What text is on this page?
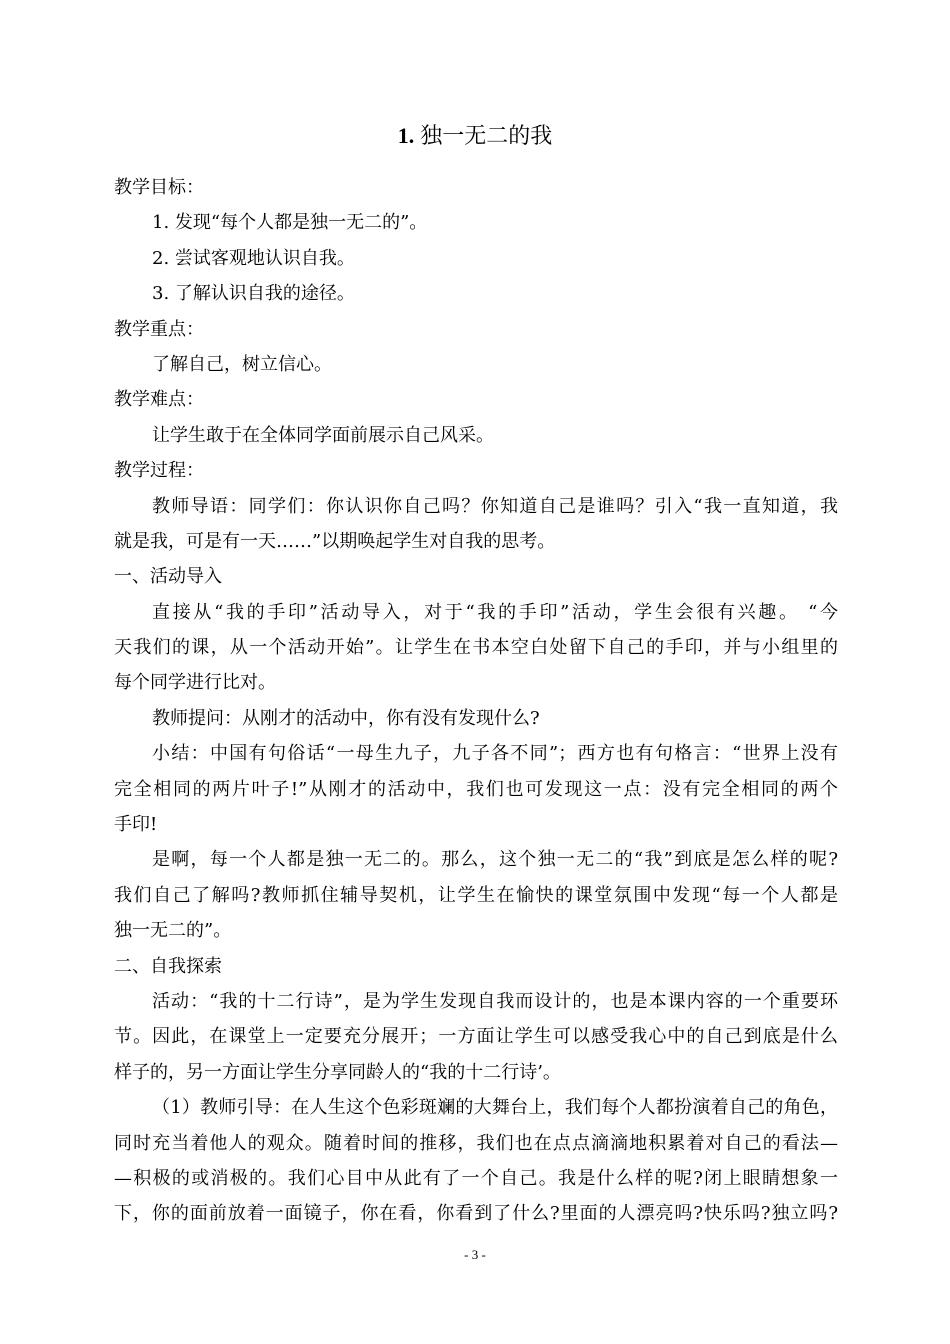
1. 独一无二的我
教学目标：
1. 发现“每个人都是独一无二的”。
2. 尝试客观地认识自我。
3. 了解认识自我的途径。
教学重点：
了解自己，树立信心。
教学难点：
让学生敢于在全体同学面前展示自己风采。
教学过程：
教师导语：同学们：你认识你自己吗？你知道自己是谁吗？引入“我一直知道，我
就是我，可是有一天……”以期唤起学生对自我的思考。
一、活动导入
直接从“我的手印”活动导入，对于“我的手印”活动，学生会很有兴趣。 “今
天我们的课，从一个活动开始”。让学生在书本空白处留下自己的手印，并与小组里的
每个同学进行比对。
教师提问：从刚才的活动中，你有没有发现什么?
小结：中国有句俗话“一母生九子，九子各不同”；西方也有句格言：“世界上没有
完全相同的两片叶子!”从刚才的活动中，我们也可发现这一点：没有完全相同的两个
手印!
是啊，每一个人都是独一无二的。那么，这个独一无二的“我”到底是怎么样的呢?
我们自己了解吗?教师抓住辅导契机，让学生在愉快的课堂氛围中发现“每一个人都是
独一无二的”。
二、自我探索
活动：“我的十二行诗”，是为学生发现自我而设计的，也是本课内容的一个重要环
节。因此，在课堂上一定要充分展开；一方面让学生可以感受我心中的自己到底是什么
样子的，另一方面让学生分享同龄人的“我的十二行诗’。
（1）教师引导：在人生这个色彩斑斓的大舞台上，我们每个人都扮演着自己的角色，
同时充当着他人的观众。随着时间的推移，我们也在点点滴滴地积累着对自己的看法—
—积极的或消极的。我们心目中从此有了一个自己。我是什么样的呢?闭上眼睛想象一
下，你的面前放着一面镜子，你在看，你看到了什么?里面的人漂亮吗?快乐吗?独立吗?
- 3 -
